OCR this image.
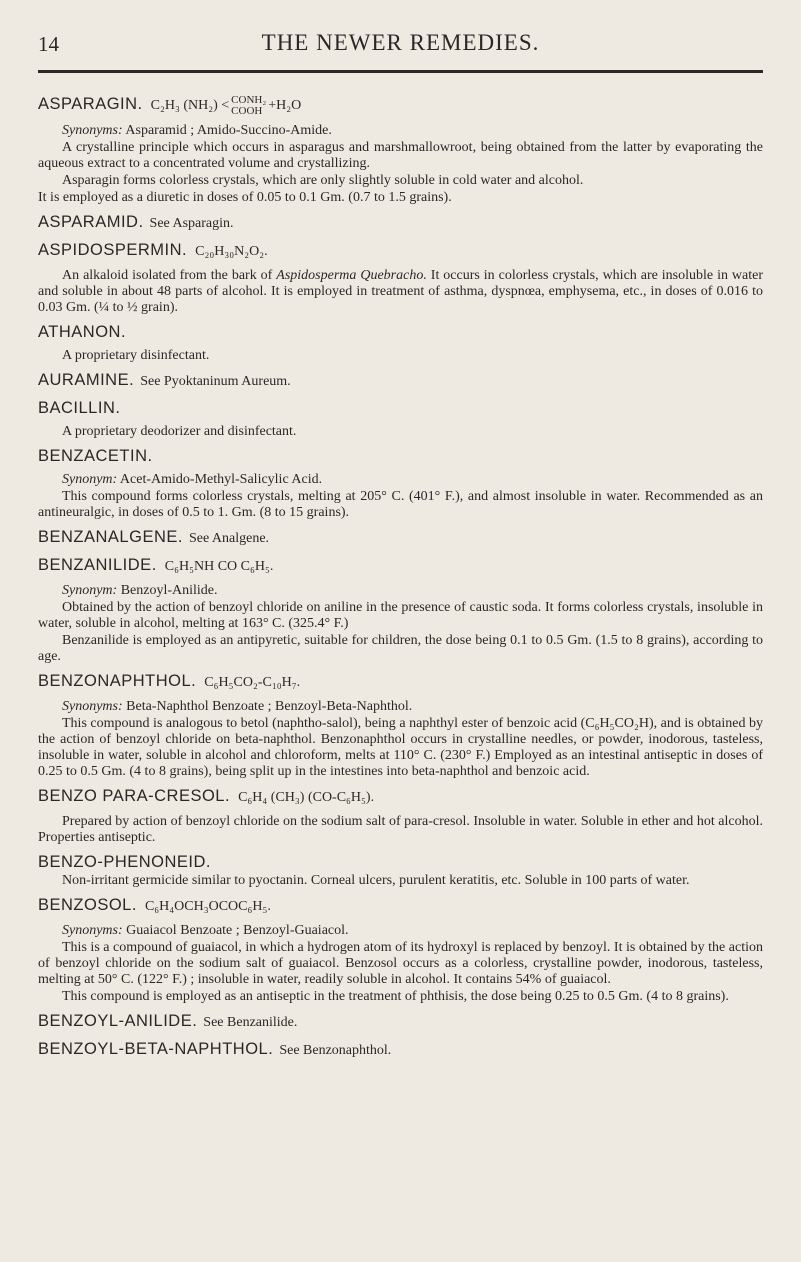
14	THE NEWER REMEDIES.
ASPARAGIN. C₂H₃ (NH₂) < CONH₂
COOH +H₂O
Synonyms: Asparamid ; Amido-Succino-Amide.

A crystalline principle which occurs in asparagus and marshmallowroot, being obtained from the latter by evaporating the aqueous extract to a concentrated volume and crystallizing.

Asparagin forms colorless crystals, which are only slightly soluble in cold water and alcohol.

It is employed as a diuretic in doses of 0.05 to 0.1 Gm. (0.7 to 1.5 grains).

ASPARAMID. See Asparagin.
ASPIDOSPERMIN. C₂₀H₃₀N₂O₂.

An alkaloid isolated from the bark of Aspidosperma Quebracho. It occurs in colorless crystals, which are insoluble in water and soluble in about 48 parts of alcohol. It is employed in treatment of asthma, dyspnœa, emphysema, etc., in doses of 0.016 to 0.03 Gm. (¼ to ½ grain).

ATHANON.

A proprietary disinfectant.

AURAMINE. See Pyoktaninum Aureum.
BACILLIN.

A proprietary deodorizer and disinfectant.

BENZACETIN.
Synonym: Acet-Amido-Methyl-Salicylic Acid.

This compound forms colorless crystals, melting at 205° C. (401° F.), and almost insoluble in water. Recommended as an antineuralgic, in doses of 0.5 to 1. Gm. (8 to 15 grains).

BENZANALGENE. See Analgene.
BENZANILIDE. C₆H₅NH CO C₆H₅.
Synonym: Benzoyl-Anilide.

Obtained by the action of benzoyl chloride on aniline in the presence of caustic soda. It forms colorless crystals, insoluble in water, soluble in alcohol, melting at 163° C. (325.4° F.)

Benzanilide is employed as an antipyretic, suitable for children, the dose being 0.1 to 0.5 Gm. (1.5 to 8 grains), according to age.

BENZONAPHTHOL. C₆H₅CO₂-C₁₀H₇.
Synonyms: Beta-Naphthol Benzoate ; Benzoyl-Beta-Naphthol.

This compound is analogous to betol (naphtho-salol), being a naphthyl ester of benzoic acid (C₆H₅CO₂H), and is obtained by the action of benzoyl chloride on beta-naphthol. Benzonaphthol occurs in crystalline needles, or powder, inodorous, tasteless, insoluble in water, soluble in alcohol and chloroform, melts at 110° C. (230° F.) Employed as an intestinal antiseptic in doses of 0.25 to 0.5 Gm. (4 to 8 grains), being split up in the intestines into beta-naphthol and benzoic acid.

BENZO PARA-CRESOL. C₆H₄ (CH₃) (CO-C₆H₅).

Prepared by action of benzoyl chloride on the sodium salt of para-cresol. Insoluble in water. Soluble in ether and hot alcohol. Properties antiseptic.

BENZO-PHENONEID.

Non-irritant germicide similar to pyoctanin. Corneal ulcers, purulent keratitis, etc. Soluble in 100 parts of water.

BENZOSOL. C₆H₄OCH₃OCOC₆H₅.
Synonyms: Guaiacol Benzoate ; Benzoyl-Guaiacol.

This is a compound of guaiacol, in which a hydrogen atom of its hydroxyl is replaced by benzoyl. It is obtained by the action of benzoyl chloride on the sodium salt of guaiacol. Benzosol occurs as a colorless, crystalline powder, inodorous, tasteless, melting at 50° C. (122° F.) ; insoluble in water, readily soluble in alcohol. It contains 54% of guaiacol.

This compound is employed as an antiseptic in the treatment of phthisis, the dose being 0.25 to 0.5 Gm. (4 to 8 grains).

BENZOYL-ANILIDE. See Benzanilide.
BENZOYL-BETA-NAPHTHOL. See Benzonaphthol.
